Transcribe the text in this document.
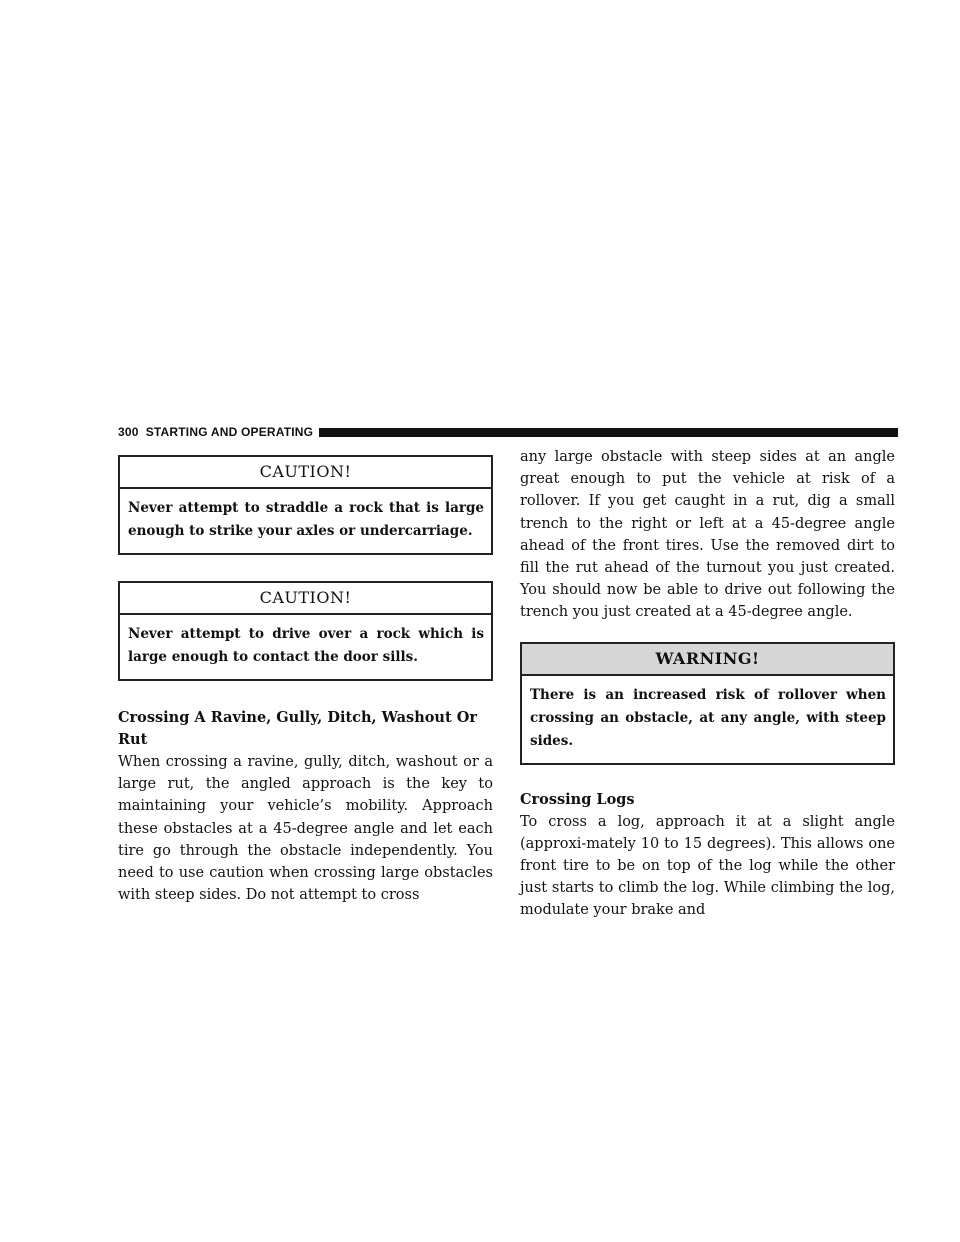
300 STARTING AND OPERATING
CAUTION!
Never attempt to straddle a rock that is large enough to strike your axles or undercarriage.
CAUTION!
Never attempt to drive over a rock which is large enough to contact the door sills.
Crossing A Ravine, Gully, Ditch, Washout Or Rut
When crossing a ravine, gully, ditch, washout or a large rut, the angled approach is the key to maintaining your vehicle’s mobility. Approach these obstacles at a 45-degree angle and let each tire go through the obstacle independently. You need to use caution when crossing large obstacles with steep sides. Do not attempt to cross
any large obstacle with steep sides at an angle great enough to put the vehicle at risk of a rollover. If you get caught in a rut, dig a small trench to the right or left at a 45-degree angle ahead of the front tires. Use the removed dirt to fill the rut ahead of the turnout you just created. You should now be able to drive out following the trench you just created at a 45-degree angle.
WARNING!
There is an increased risk of rollover when crossing an obstacle, at any angle, with steep sides.
Crossing Logs
To cross a log, approach it at a slight angle (approxi-mately 10 to 15 degrees). This allows one front tire to be on top of the log while the other just starts to climb the log. While climbing the log, modulate your brake and
